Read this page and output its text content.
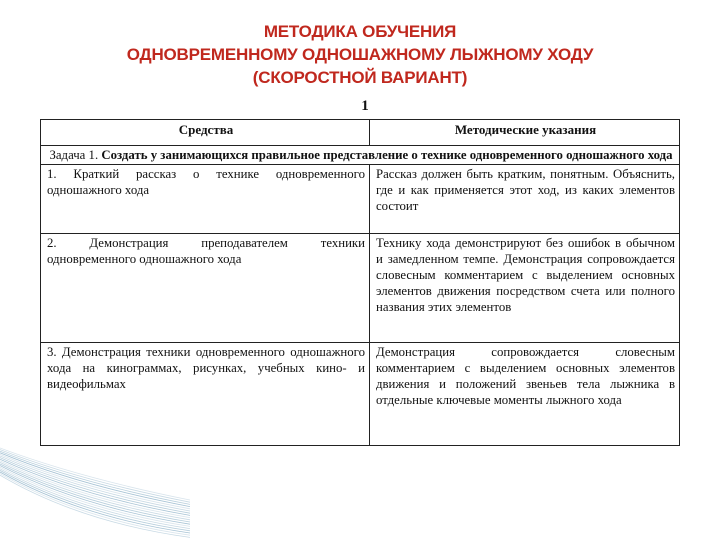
МЕТОДИКА ОБУЧЕНИЯ
ОДНОВРЕМЕННОМУ ОДНОШАЖНОМУ ЛЫЖНОМУ ХОДУ
(СКОРОСТНОЙ ВАРИАНТ)
1
Средства	Методические указания
Задача 1. Создать у занимающихся правильное представление о технике одновременного одношажного хода	
1. Краткий рассказ о технике одновременного одношажного хода	Рассказ должен быть кратким, понятным. Объяснить, где и как применяется этот ход, из каких элементов состоит
2. Демонстрация преподавателем техники одновременного одношажного хода	Технику хода демонстрируют без ошибок в обычном и замедленном темпе. Демонстрация сопровождается словесным комментарием с выделением основных элементов движения посредством счета или полного названия этих элементов
3. Демонстрация техники одновременного одношажного хода на кинограммах, рисунках, учебных кино- и видеофильмах	Демонстрация сопровождается словесным комментарием с выделением основных элементов движения и положений звеньев тела лыжника в отдельные ключевые моменты лыжного хода
